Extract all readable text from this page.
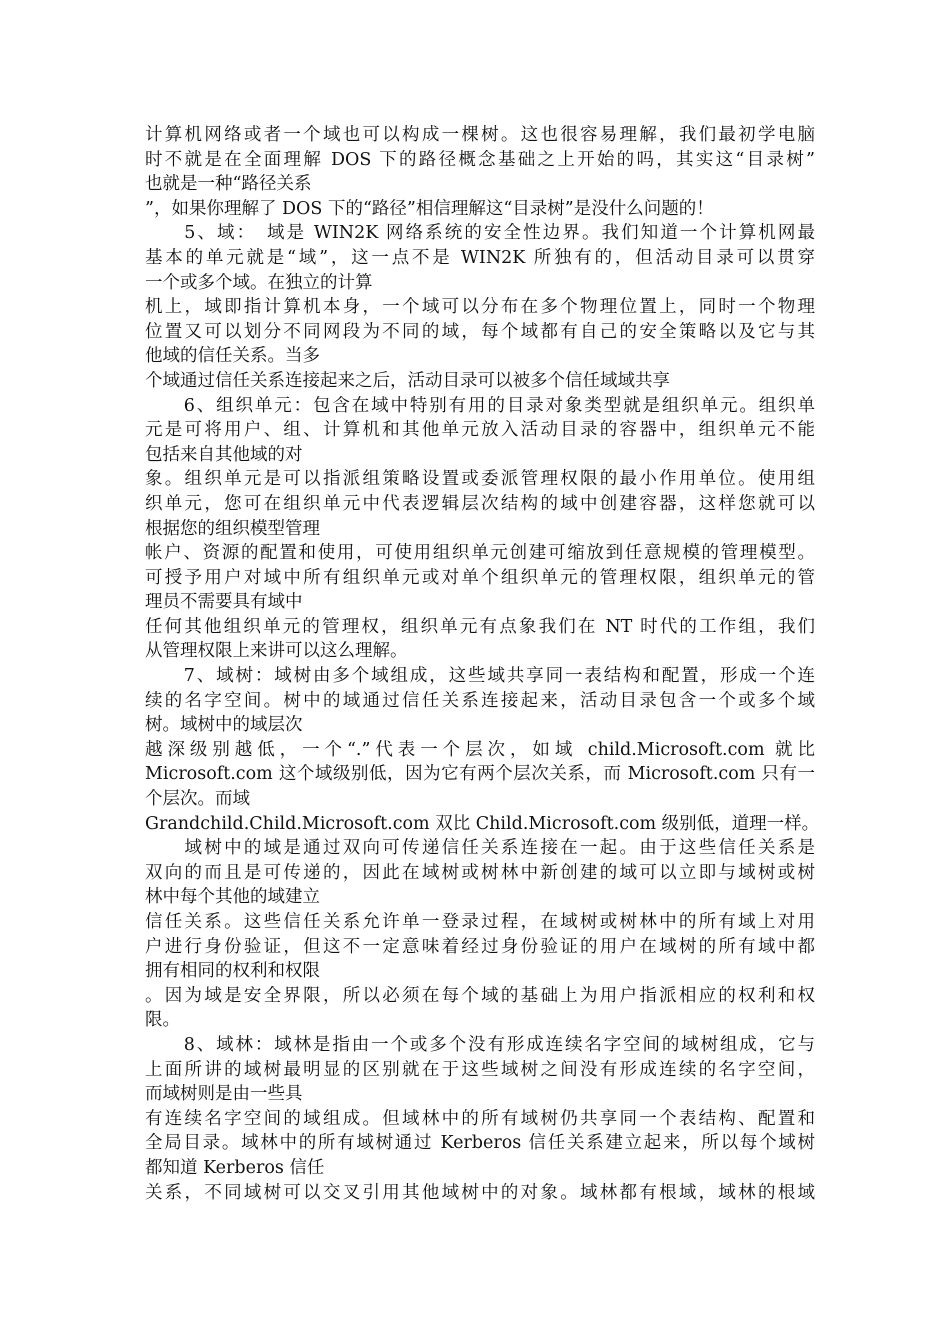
计算机网络或者一个域也可以构成一棵树。这也很容易理解，我们最初学电脑
时不就是在全面理解 DOS 下的路径概念基础之上开始的吗，其实这“目录树”
也就是一种“路径关系
”，如果你理解了 DOS 下的“路径”相信理解这“目录树”是没什么问题的！
　　5、域：　域是 WIN2K 网络系统的安全性边界。我们知道一个计算机网最
基本的单元就是“域”，这一点不是 WIN2K 所独有的，但活动目录可以贯穿
一个或多个域。在独立的计算
机上，域即指计算机本身，一个域可以分布在多个物理位置上，同时一个物理
位置又可以划分不同网段为不同的域，每个域都有自己的安全策略以及它与其
他域的信任关系。当多
个域通过信任关系连接起来之后，活动目录可以被多个信任域域共享
　　6、组织单元：包含在域中特别有用的目录对象类型就是组织单元。组织单
元是可将用户、组、计算机和其他单元放入活动目录的容器中，组织单元不能
包括来自其他域的对
象。组织单元是可以指派组策略设置或委派管理权限的最小作用单位。使用组
织单元，您可在组织单元中代表逻辑层次结构的域中创建容器，这样您就可以
根据您的组织模型管理
帐户、资源的配置和使用，可使用组织单元创建可缩放到任意规模的管理模型。
可授予用户对域中所有组织单元或对单个组织单元的管理权限，组织单元的管
理员不需要具有域中
任何其他组织单元的管理权，组织单元有点象我们在 NT 时代的工作组，我们
从管理权限上来讲可以这么理解。
　　7、域树：域树由多个域组成，这些域共享同一表结构和配置，形成一个连
续的名字空间。树中的域通过信任关系连接起来，活动目录包含一个或多个域
树。域树中的域层次
越深级别越低，一个“.”代表一个层次，如域 child.Microsoft.com 就比
Microsoft.com 这个域级别低，因为它有两个层次关系，而 Microsoft.com 只有一
个层次。而域
Grandchild.Child.Microsoft.com 双比 Child.Microsoft.com 级别低，道理一样。
　　域树中的域是通过双向可传递信任关系连接在一起。由于这些信任关系是
双向的而且是可传递的，因此在域树或树林中新创建的域可以立即与域树或树
林中每个其他的域建立
信任关系。这些信任关系允许单一登录过程，在域树或树林中的所有域上对用
户进行身份验证，但这不一定意味着经过身份验证的用户在域树的所有域中都
拥有相同的权利和权限
。因为域是安全界限，所以必须在每个域的基础上为用户指派相应的权利和权
限。
　　8、域林：域林是指由一个或多个没有形成连续名字空间的域树组成，它与
上面所讲的域树最明显的区别就在于这些域树之间没有形成连续的名字空间，
而域树则是由一些具
有连续名字空间的域组成。但域林中的所有域树仍共享同一个表结构、配置和
全局目录。域林中的所有域树通过 Kerberos 信任关系建立起来，所以每个域树
都知道 Kerberos 信任
关系，不同域树可以交叉引用其他域树中的对象。域林都有根域，域林的根域
